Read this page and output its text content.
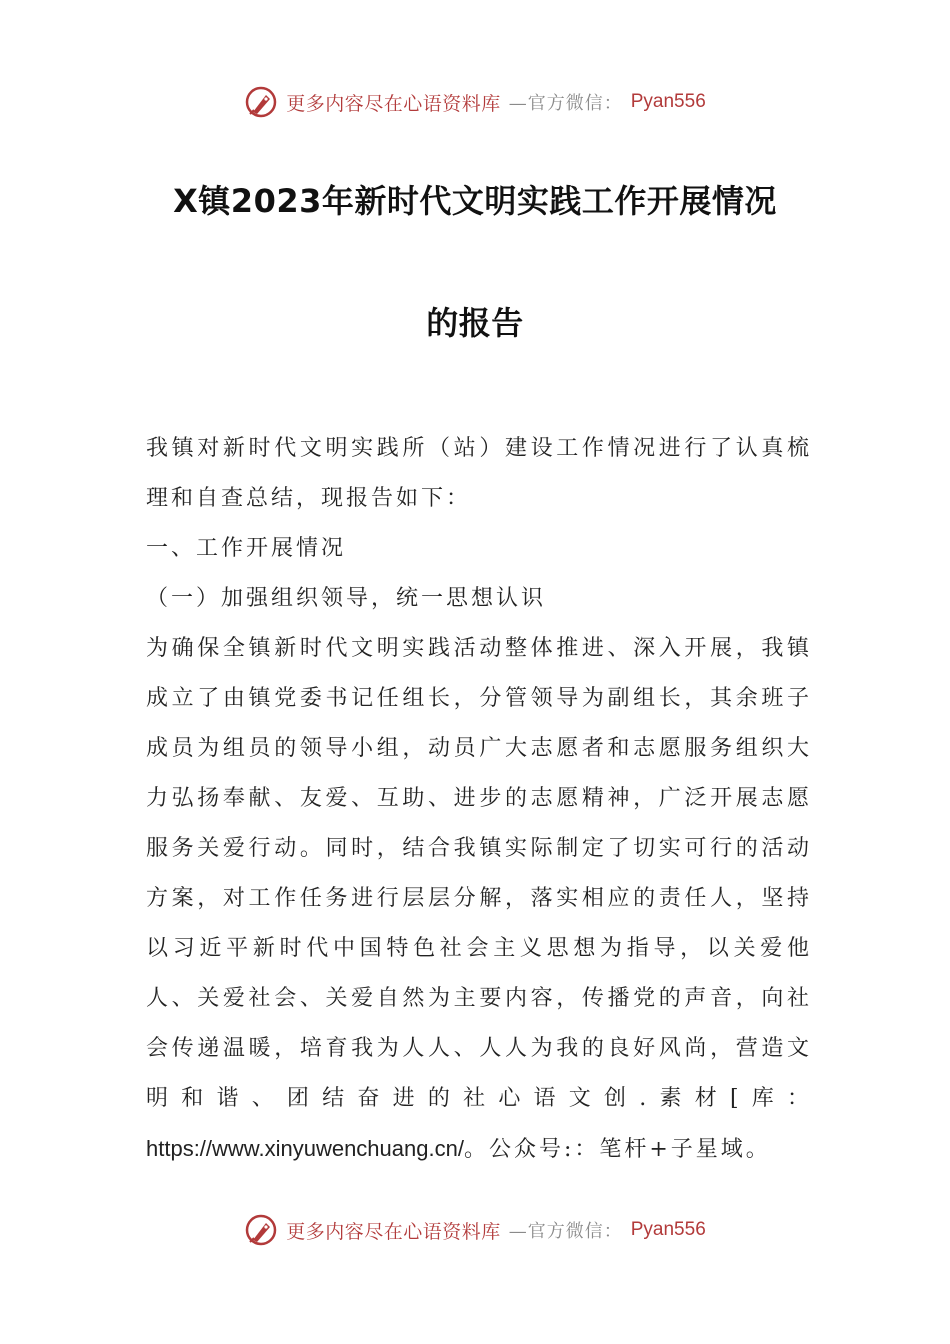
更多内容尽在心语资料库 —官方微信： Pyan556
X镇2023年新时代文明实践工作开展情况
的报告

我镇对新时代文明实践所（站）建设工作情况进行了认真梳理和自查总结，现报告如下：

一、工作开展情况

（一）加强组织领导，统一思想认识

为确保全镇新时代文明实践活动整体推进、深入开展，我镇成立了由镇党委书记任组长，分管领导为副组长，其余班子成员为组员的领导小组，动员广大志愿者和志愿服务组织大力弘扬奉献、友爱、互助、进步的志愿精神，广泛开展志愿服务关爱行动。同时，结合我镇实际制定了切实可行的活动方案，对工作任务进行层层分解，落实相应的责任人，坚持以习近平新时代中国特色社会主义思想为指导，以关爱他人、关爱社会、关爱自然为主要内容，传播党的声音，向社会传递温暖，培育我为人人、人人为我的良好风尚，营造文明和谐、团结奋进的社心语文创.素材[库：https://www.xinyuwenchuang.cn/。公众号:：笔杆+子星域。

更多内容尽在心语资料库 —官方微信： Pyan556
